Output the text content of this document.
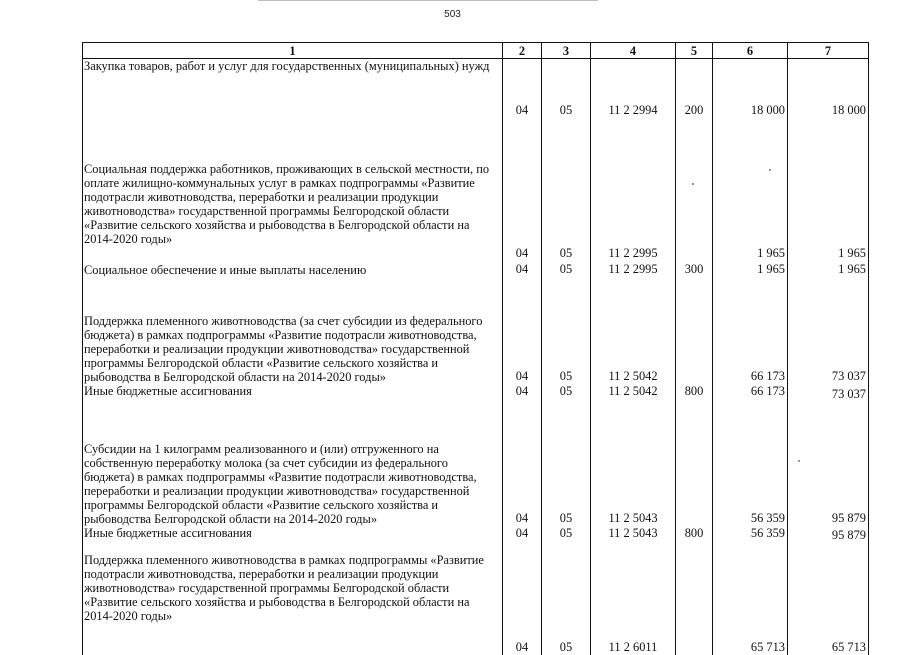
503
1	2	3	4	5	6	7
Закупка товаров, работ и услуг для государственных (муниципальных) нужд	04	05	11 2 2994	200	18 000	18 000
Социальная поддержка работников, проживающих в сельской местности, по оплате жилищно-коммунальных услуг в рамках подпрограммы «Развитие подотрасли животноводства, переработки и реализации продукции животноводства» государственной программы Белгородской области «Развитие сельского хозяйства и рыбоводства в Белгородской области на 2014-2020 годы»	04	05	11 2 2995		1 965	1 965
Социальное обеспечение и иные выплаты населению	04	05	11 2 2995	300	1 965	1 965
Поддержка племенного животноводства (за счет субсидии из федерального бюджета) в рамках подпрограммы «Развитие подотрасли животноводства, переработки и реализации продукции животноводства» государственной программы Белгородской области «Развитие сельского хозяйства и рыбоводства в Белгородской области на 2014-2020 годы»	04	05	11 2 5042		66 173	73 037
Иные бюджетные ассигнования	04	05	11 2 5042	800	66 173	73 037
Субсидии на 1 килограмм реализованного и (или) отгруженного на собственную переработку молока (за счет субсидии из федерального бюджета) в рамках подпрограммы «Развитие подотрасли животноводства, переработки и реализации продукции животноводства» государственной программы Белгородской области «Развитие сельского хозяйства и рыбоводства Белгородской области на 2014-2020 годы»	04	05	11 2 5043		56 359	95 879
Иные бюджетные ассигнования	04	05	11 2 5043	800	56 359	95 879
Поддержка племенного животноводства в рамках подпрограммы «Развитие подотрасли животноводства, переработки и реализации продукции животноводства» государственной программы Белгородской области «Развитие сельского хозяйства и рыбоводства в Белгородской области на 2014-2020 годы»	04	05	11 2 6011		65 713	65 713
